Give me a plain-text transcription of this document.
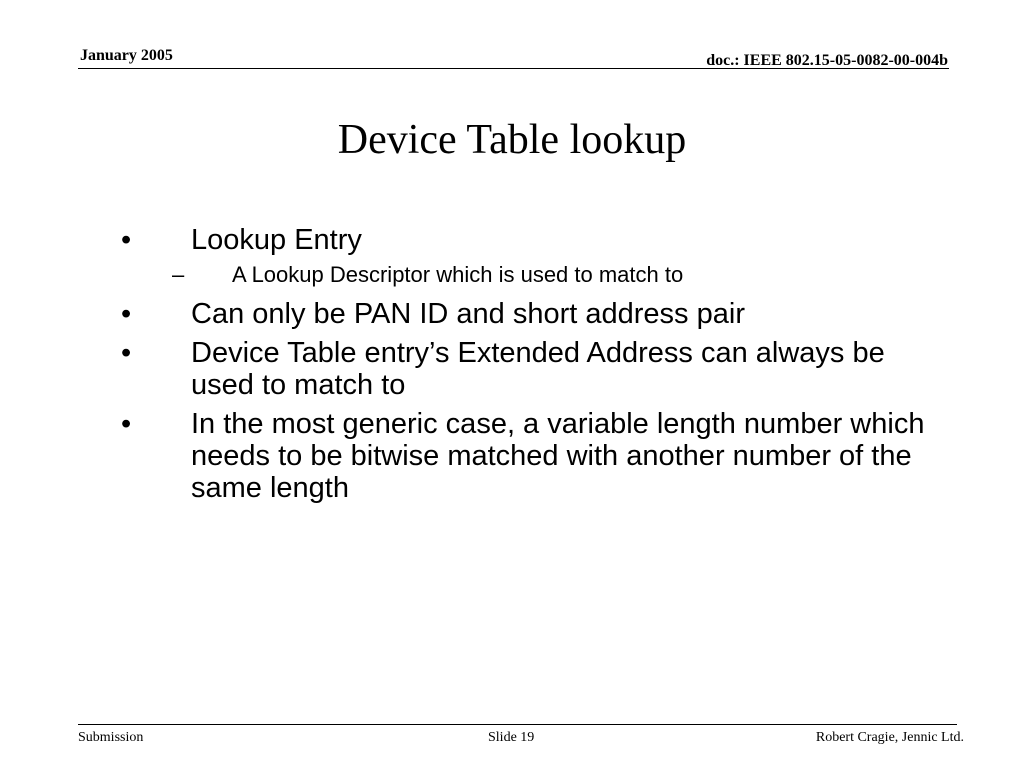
January 2005	doc.: IEEE 802.15-05-0082-00-004b
Device Table lookup
• Lookup Entry
– A Lookup Descriptor which is used to match to
• Can only be PAN ID and short address pair
• Device Table entry’s Extended Address can always be used to match to
• In the most generic case, a variable length number which needs to be bitwise matched with another number of the same length
Submission	Slide 19	Robert Cragie, Jennic Ltd.
